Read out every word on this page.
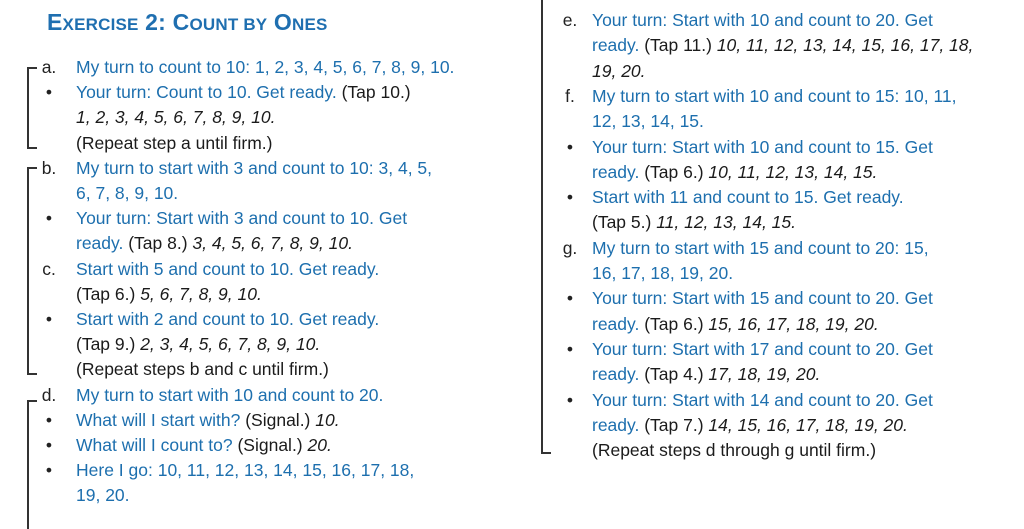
EXERCISE 2: COUNT BY ONES
a. My turn to count to 10: 1, 2, 3, 4, 5, 6, 7, 8, 9, 10.
•	Your turn: Count to 10. Get ready. (Tap 10.)
1, 2, 3, 4, 5, 6, 7, 8, 9, 10.
(Repeat step a until firm.)
b. My turn to start with 3 and count to 10: 3, 4, 5,
6, 7, 8, 9, 10.
•	Your turn: Start with 3 and count to 10. Get
ready. (Tap 8.) 3, 4, 5, 6, 7, 8, 9, 10.
c. Start with 5 and count to 10. Get ready.
(Tap 6.) 5, 6, 7, 8, 9, 10.
•	Start with 2 and count to 10. Get ready.
(Tap 9.) 2, 3, 4, 5, 6, 7, 8, 9, 10.
(Repeat steps b and c until firm.)
d. My turn to start with 10 and count to 20.
•	What will I start with? (Signal.) 10.
•	What will I count to? (Signal.) 20.
•	Here I go: 10, 11, 12, 13, 14, 15, 16, 17, 18,
19, 20.
e. Your turn: Start with 10 and count to 20. Get
ready. (Tap 11.) 10, 11, 12, 13, 14, 15, 16, 17, 18,
19, 20.
f. My turn to start with 10 and count to 15: 10, 11,
12, 13, 14, 15.
•	Your turn: Start with 10 and count to 15. Get
ready. (Tap 6.) 10, 11, 12, 13, 14, 15.
•	Start with 11 and count to 15. Get ready.
(Tap 5.) 11, 12, 13, 14, 15.
g. My turn to start with 15 and count to 20: 15,
16, 17, 18, 19, 20.
•	Your turn: Start with 15 and count to 20. Get
ready. (Tap 6.) 15, 16, 17, 18, 19, 20.
•	Your turn: Start with 17 and count to 20. Get
ready. (Tap 4.) 17, 18, 19, 20.
•	Your turn: Start with 14 and count to 20. Get
ready. (Tap 7.) 14, 15, 16, 17, 18, 19, 20.
(Repeat steps d through g until firm.)
